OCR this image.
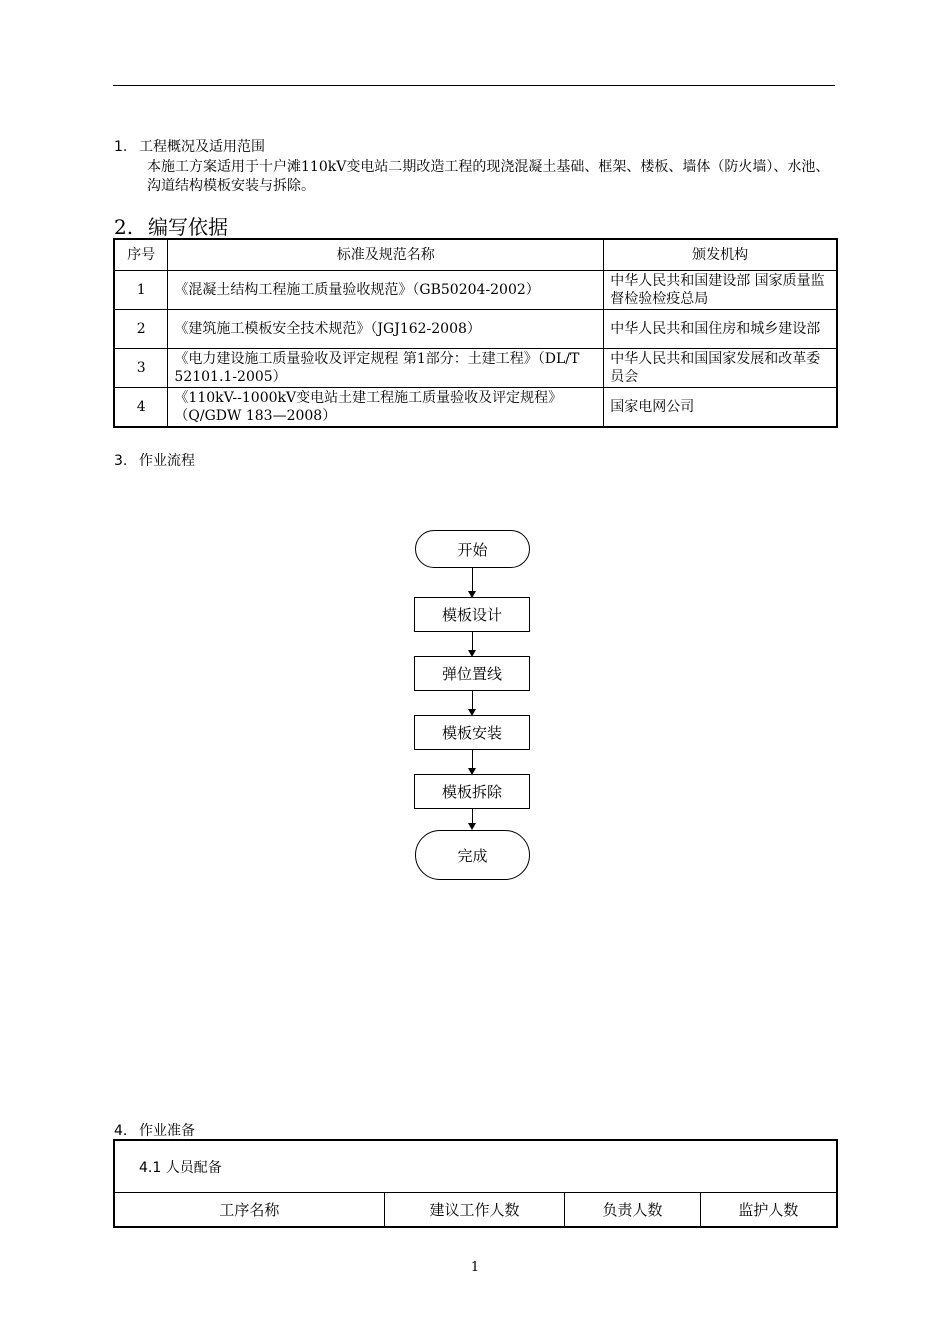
1. 工程概况及适用范围
本施工方案适用于十户滩110kV变电站二期改造工程的现浇混凝土基础、框架、楼板、墙体（防火墙）、水池、沟道结构模板安装与拆除。
2. 编写依据
序号	标准及规范名称	颁发机构
1	《混凝土结构工程施工质量验收规范》（GB50204-2002）	中华人民共和国建设部 国家质量监督检验检疫总局
2	《建筑施工模板安全技术规范》（JGJ162-2008）	中华人民共和国住房和城乡建设部
3	《电力建设施工质量验收及评定规程 第1部分：土建工程》（DL/T 52101.1-2005）	中华人民共和国国家发展和改革委员会
4	《110kV--1000kV变电站土建工程施工质量验收及评定规程》（Q/GDW 183—2008）	国家电网公司
3. 作业流程
开始
模板设计
弹位置线
模板安装
模板拆除
完成
4. 作业准备
4.1 人员配备
工序名称	建议工作人数	负责人数	监护人数
1
